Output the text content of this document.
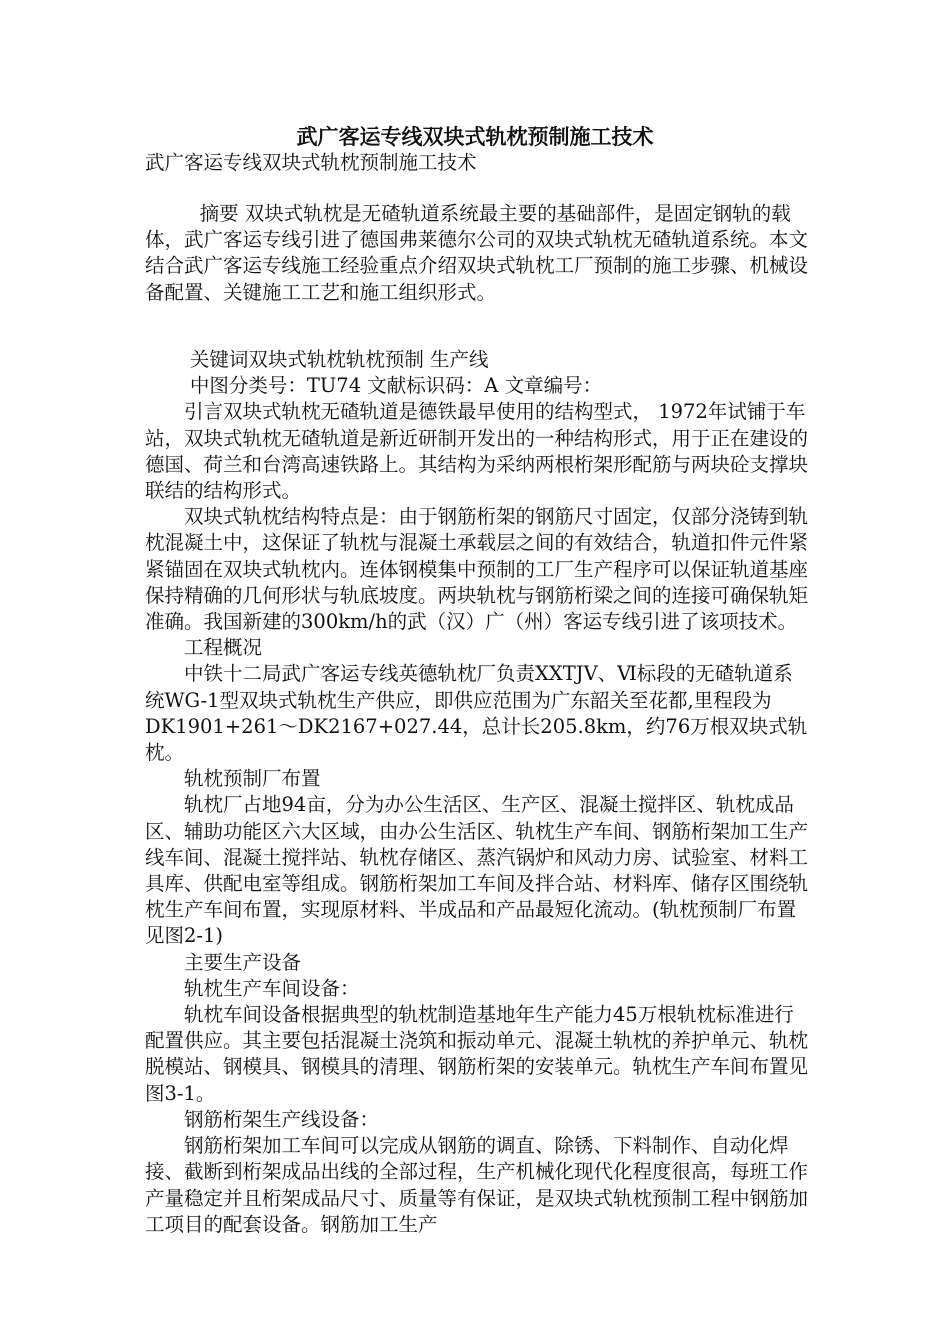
武广客运专线双块式轨枕预制施工技术
武广客运专线双块式轨枕预制施工技术

摘要 双块式轨枕是无碴轨道系统最主要的基础部件，是固定钢轨的载体，武广客运专线引进了德国弗莱德尔公司的双块式轨枕无碴轨道系统。本文结合武广客运专线施工经验重点介绍双块式轨枕工厂预制的施工步骤、机械设备配置、关键施工工艺和施工组织形式。

关键词双块式轨枕轨枕预制 生产线

中图分类号：TU74 文献标识码：A 文章编号：

引言双块式轨枕无碴轨道是德铁最早使用的结构型式， 1972年试铺于车站，双块式轨枕无碴轨道是新近研制开发出的一种结构形式，用于正在建设的德国、荷兰和台湾高速铁路上。其结构为采纳两根桁架形配筋与两块砼支撑块联结的结构形式。

双块式轨枕结构特点是：由于钢筋桁架的钢筋尺寸固定，仅部分浇铸到轨枕混凝土中，这保证了轨枕与混凝土承载层之间的有效结合，轨道扣件元件紧紧锚固在双块式轨枕内。连体钢模集中预制的工厂生产程序可以保证轨道基座保持精确的几何形状与轨底坡度。两块轨枕与钢筋桁梁之间的连接可确保轨矩准确。我国新建的300km/h的武（汉）广（州）客运专线引进了该项技术。

工程概况

中铁十二局武广客运专线英德轨枕厂负责XXTJⅤ、Ⅵ标段的无碴轨道系统WG-1型双块式轨枕生产供应，即供应范围为广东韶关至花都,里程段为DK1901+261～DK2167+027.44，总计长205.8km，约76万根双块式轨枕。

轨枕预制厂布置

轨枕厂占地94亩，分为办公生活区、生产区、混凝土搅拌区、轨枕成品区、辅助功能区六大区域，由办公生活区、轨枕生产车间、钢筋桁架加工生产线车间、混凝土搅拌站、轨枕存储区、蒸汽锅炉和风动力房、试验室、材料工具库、供配电室等组成。钢筋桁架加工车间及拌合站、材料库、储存区围绕轨枕生产车间布置，实现原材料、半成品和产品最短化流动。(轨枕预制厂布置见图2-1)

主要生产设备

轨枕生产车间设备：

轨枕车间设备根据典型的轨枕制造基地年生产能力45万根轨枕标准进行配置供应。其主要包括混凝土浇筑和振动单元、混凝土轨枕的养护单元、轨枕脱模站、钢模具、钢模具的清理、钢筋桁架的安装单元。轨枕生产车间布置见图3-1。

钢筋桁架生产线设备：

钢筋桁架加工车间可以完成从钢筋的调直、除锈、下料制作、自动化焊接、截断到桁架成品出线的全部过程，生产机械化现代化程度很高，每班工作产量稳定并且桁架成品尺寸、质量等有保证，是双块式轨枕预制工程中钢筋加工项目的配套设备。钢筋加工生产
